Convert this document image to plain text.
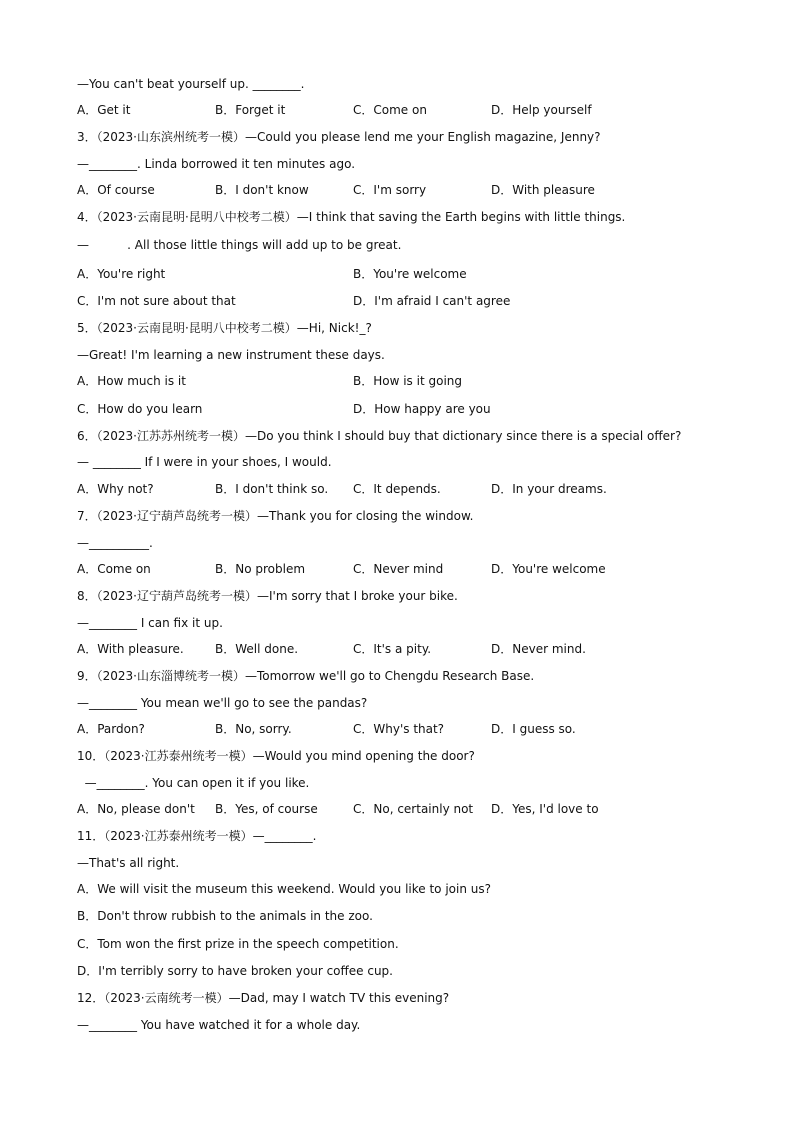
—You can't beat yourself up. ________.
A．Get it	B．Forget it	C．Come on	D．Help yourself
3．（2023·山东滨州统考一模）—Could you please lend me your English magazine, Jenny?
—________. Linda borrowed it ten minutes ago.
A．Of course	B．I don't know	C．I'm sorry	D．With pleasure
4．（2023·云南昆明·昆明八中校考二模）—I think that saving the Earth begins with little things.
—          . All those little things will add up to be great.
A．You're right	B．You're welcome
C．I'm not sure about that	D．I'm afraid I can't agree
5．（2023·云南昆明·昆明八中校考二模）—Hi, Nick!_?
—Great! I'm learning a new instrument these days.
A．How much is it	B．How is it going
C．How do you learn	D．How happy are you
6．（2023·江苏苏州统考一模）—Do you think I should buy that dictionary since there is a special offer?
— ________ If I were in your shoes, I would.
A．Why not?	B．I don't think so. C．It depends.	D．In your dreams.
7．（2023·辽宁葫芦岛统考一模）—Thank you for closing the window.
—__________.
A．Come on	B．No problem	C．Never mind	D．You're welcome
8．（2023·辽宁葫芦岛统考一模）—I'm sorry that I broke your bike.
—________ I can fix it up.
A．With pleasure.	B．Well done.	C．It's a pity.	D．Never mind.
9．（2023·山东淄博统考一模）—Tomorrow we'll go to Chengdu Research Base.
—________ You mean we'll go to see the pandas?
A．Pardon?	B．No, sorry.	C．Why's that?	D．I guess so.
10．（2023·江苏泰州统考一模）—Would you mind opening the door?
—________. You can open it if you like.
A．No, please don't B．Yes, of course	C．No, certainly not D．Yes, I'd love to
11．（2023·江苏泰州统考一模）—________.
—That's all right.
A．We will visit the museum this weekend. Would you like to join us?
B．Don't throw rubbish to the animals in the zoo.
C．Tom won the first prize in the speech competition.
D．I'm terribly sorry to have broken your coffee cup.
12．（2023·云南统考一模）—Dad, may I watch TV this evening?
—________ You have watched it for a whole day.
